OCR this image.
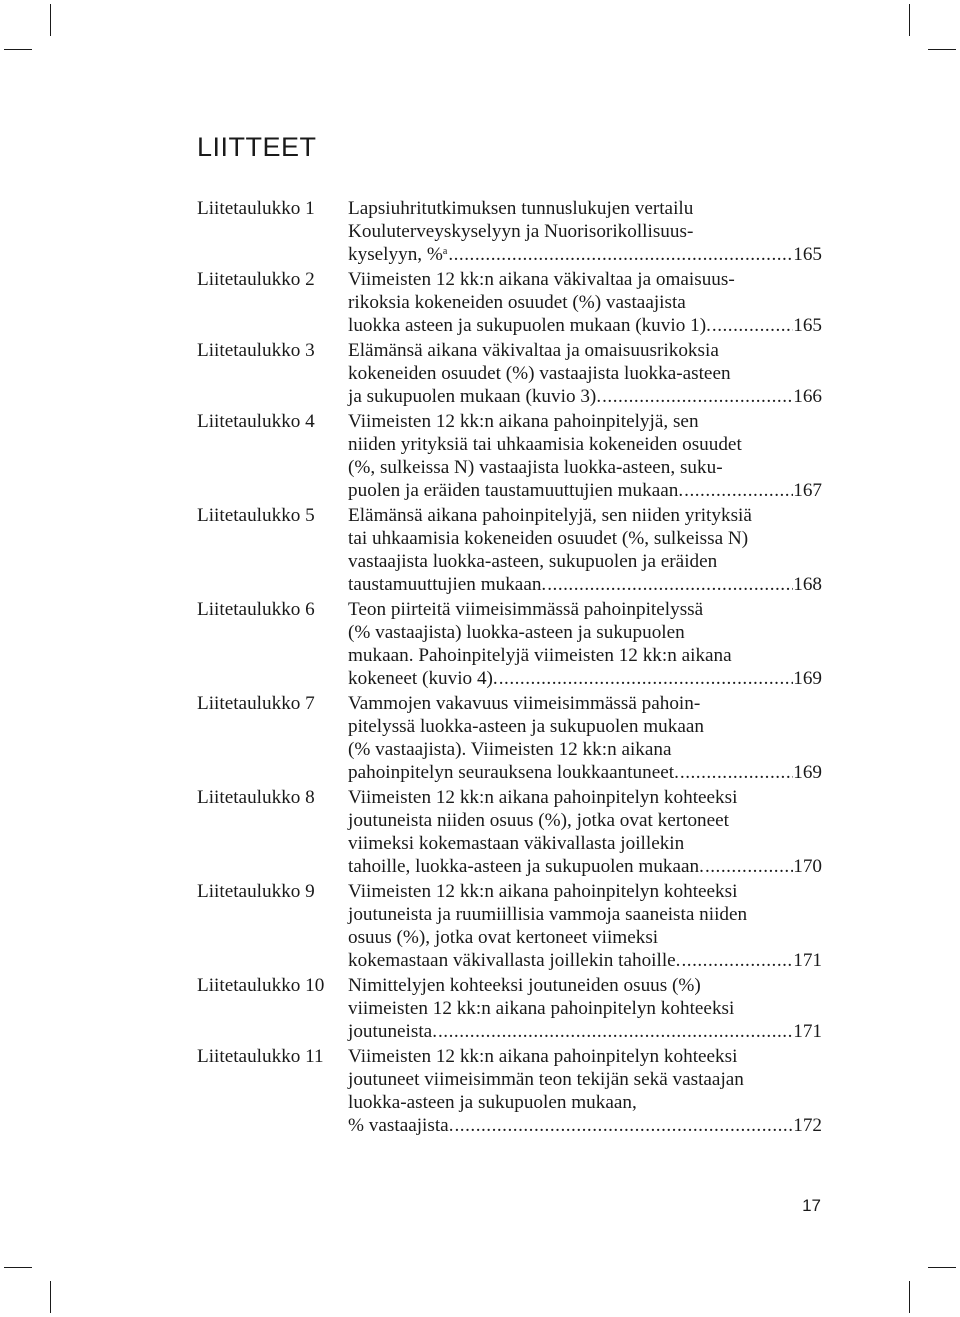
LIITTEET
Liitetaulukko 1	Lapsiuhritutkimuksen tunnuslukujen vertailu
Kouluterveyskyselyyn ja Nuorisorikollisuus-
kyselyyn, %$^a$ .....	165
Liitetaulukko 2	Viimeisten 12 kk:n aikana väkivaltaa ja omaisuus-
rikoksia kokeneiden osuudet (%) vastaajista
luokka asteen ja sukupuolen mukaan (kuvio 1). .....	165
Liitetaulukko 3	Elämänsä aikana väkivaltaa ja omaisuusrikoksia
kokeneiden osuudet (%) vastaajista luokka-asteen
ja sukupuolen mukaan (kuvio 3). .....	166
Liitetaulukko 4	Viimeisten 12 kk:n aikana pahoinpitelyjä, sen
niiden yrityksiä tai uhkaamisia kokeneiden osuudet
(%, sulkeissa N) vastaajista luokka-asteen, suku-
puolen ja eräiden taustamuuttujien mukaan. .....	167
Liitetaulukko 5	Elämänsä aikana pahoinpitelyjä, sen niiden yrityksiä
tai uhkaamisia kokeneiden osuudet (%, sulkeissa N)
vastaajista luokka-asteen, sukupuolen ja eräiden
taustamuuttujien mukaan. .....	168
Liitetaulukko 6	Teon piirteitä viimeisimmässä pahoinpitelyssä
(% vastaajista) luokka-asteen ja sukupuolen
mukaan. Pahoinpitelyjä viimeisten 12 kk:n aikana
kokeneet (kuvio 4). .....	169
Liitetaulukko 7	Vammojen vakavuus viimeisimmässä pahoin-
pitelyssä luokka-asteen ja sukupuolen mukaan
(% vastaajista). Viimeisten 12 kk:n aikana
pahoinpitelyn seurauksena loukkaantuneet. .....	169
Liitetaulukko 8	Viimeisten 12 kk:n aikana pahoinpitelyn kohteeksi
joutuneista niiden osuus (%), jotka ovat kertoneet
viimeksi kokemastaan väkivallasta joillekin
tahoille, luokka-asteen ja sukupuolen mukaan. .....	170
Liitetaulukko 9	Viimeisten 12 kk:n aikana pahoinpitelyn kohteeksi
joutuneista ja ruumiillisia vammoja saaneista niiden
osuus (%), jotka ovat kertoneet viimeksi
kokemastaan väkivallasta joillekin tahoille. .....	171
Liitetaulukko 10	Nimittelyjen kohteeksi joutuneiden osuus (%)
viimeisten 12 kk:n aikana pahoinpitelyn kohteeksi
joutuneista. .....	171
Liitetaulukko 11	Viimeisten 12 kk:n aikana pahoinpitelyn kohteeksi
joutuneet viimeisimmän teon tekijän sekä vastaajan
luokka-asteen ja sukupuolen mukaan,
% vastaajista. .....	172
17
